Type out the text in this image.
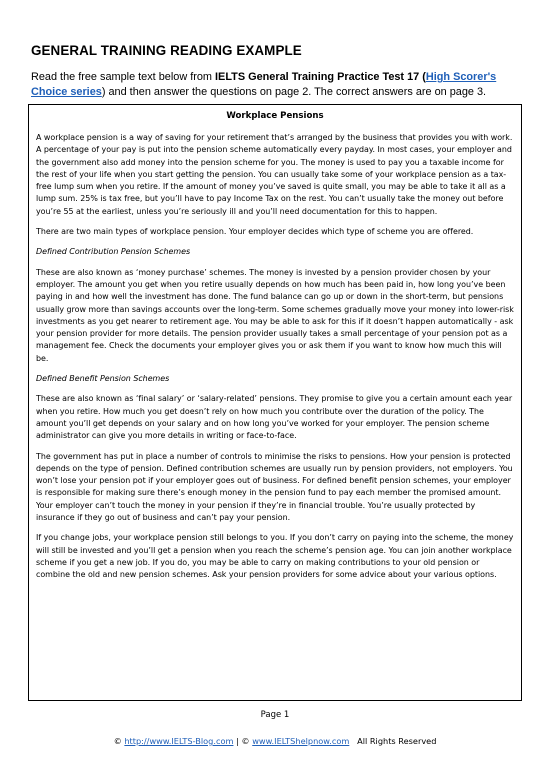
GENERAL TRAINING READING EXAMPLE
Read the free sample text below from IELTS General Training Practice Test 17 (High Scorer's Choice series) and then answer the questions on page 2. The correct answers are on page 3.
Workplace Pensions

A workplace pension is a way of saving for your retirement that’s arranged by the business that provides you with work. A percentage of your pay is put into the pension scheme automatically every payday. In most cases, your employer and the government also add money into the pension scheme for you. The money is used to pay you a taxable income for the rest of your life when you start getting the pension. You can usually take some of your workplace pension as a tax-free lump sum when you retire. If the amount of money you’ve saved is quite small, you may be able to take it all as a lump sum. 25% is tax free, but you’ll have to pay Income Tax on the rest. You can’t usually take the money out before you’re 55 at the earliest, unless you’re seriously ill and you’ll need documentation for this to happen.

There are two main types of workplace pension. Your employer decides which type of scheme you are offered.

Defined Contribution Pension Schemes

These are also known as ‘money purchase’ schemes. The money is invested by a pension provider chosen by your employer. The amount you get when you retire usually depends on how much has been paid in, how long you’ve been paying in and how well the investment has done. The fund balance can go up or down in the short-term, but pensions usually grow more than savings accounts over the long-term. Some schemes gradually move your money into lower-risk investments as you get nearer to retirement age. You may be able to ask for this if it doesn’t happen automatically - ask your pension provider for more details. The pension provider usually takes a small percentage of your pension pot as a management fee. Check the documents your employer gives you or ask them if you want to know how much this will be.

Defined Benefit Pension Schemes

These are also known as ‘final salary’ or ‘salary-related’ pensions. They promise to give you a certain amount each year when you retire. How much you get doesn’t rely on how much you contribute over the duration of the policy. The amount you’ll get depends on your salary and on how long you’ve worked for your employer. The pension scheme administrator can give you more details in writing or face-to-face.

The government has put in place a number of controls to minimise the risks to pensions. How your pension is protected depends on the type of pension. Defined contribution schemes are usually run by pension providers, not employers. You won’t lose your pension pot if your employer goes out of business. For defined benefit pension schemes, your employer is responsible for making sure there’s enough money in the pension fund to pay each member the promised amount. Your employer can’t touch the money in your pension if they’re in financial trouble. You’re usually protected by insurance if they go out of business and can’t pay your pension.

If you change jobs, your workplace pension still belongs to you. If you don’t carry on paying into the scheme, the money will still be invested and you’ll get a pension when you reach the scheme’s pension age. You can join another workplace scheme if you get a new job. If you do, you may be able to carry on making contributions to your old pension or combine the old and new pension schemes. Ask your pension providers for some advice about your various options.

Page 1
© http://www.IELTS-Blog.com | © www.IELTShelpnow.com   All Rights Reserved
